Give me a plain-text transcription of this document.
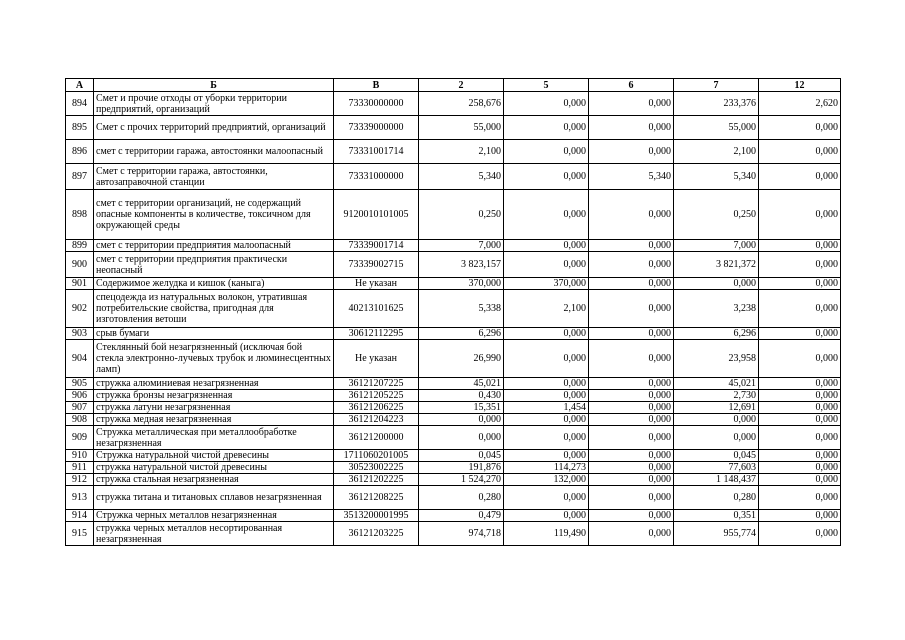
А	Б	В	2	5	6	7	12
894	Смет и прочие отходы от уборки территории предприятий, организаций	73330000000	258,676	0,000	0,000	233,376	2,620
895	Смет с прочих территорий предприятий, организаций	73339000000	55,000	0,000	0,000	55,000	0,000
896	смет с территории гаража, автостоянки малоопасный	73331001714	2,100	0,000	0,000	2,100	0,000
897	Смет с территории гаража, автостоянки, автозаправочной станции	73331000000	5,340	0,000	5,340	5,340	0,000
898	смет с территории организаций, не содержащий опасные компоненты в количестве, токсичном для окружающей среды	9120010101005	0,250	0,000	0,000	0,250	0,000
899	смет с территории предприятия малоопасный	73339001714	7,000	0,000	0,000	7,000	0,000
900	смет с территории предприятия практически неопасный	73339002715	3 823,157	0,000	0,000	3 821,372	0,000
901	Содержимое желудка и кишок (каныга)	Не указан	370,000	370,000	0,000	0,000	0,000
902	спецодежда из натуральных волокон, утратившая потребительские свойства, пригодная для изготовления ветоши	40213101625	5,338	2,100	0,000	3,238	0,000
903	срыв бумаги	30612112295	6,296	0,000	0,000	6,296	0,000
904	Стеклянный бой незагрязненный (исключая бой стекла электронно-лучевых трубок и люминесцентных ламп)	Не указан	26,990	0,000	0,000	23,958	0,000
905	стружка алюминиевая незагрязненная	36121207225	45,021	0,000	0,000	45,021	0,000
906	стружка бронзы незагрязненная	36121205225	0,430	0,000	0,000	2,730	0,000
907	стружка латуни незагрязненная	36121206225	15,351	1,454	0,000	12,691	0,000
908	стружка медная незагрязненная	36121204223	0,000	0,000	0,000	0,000	0,000
909	Стружка металлическая при металлообработке незагрязненная	36121200000	0,000	0,000	0,000	0,000	0,000
910	Стружка натуральной чистой древесины	1711060201005	0,045	0,000	0,000	0,045	0,000
911	стружка натуральной чистой древесины	30523002225	191,876	114,273	0,000	77,603	0,000
912	стружка стальная незагрязненная	36121202225	1 524,270	132,000	0,000	1 148,437	0,000
913	стружка титана и титановых сплавов незагрязненная	36121208225	0,280	0,000	0,000	0,280	0,000
914	Стружка черных металлов незагрязненная	3513200001995	0,479	0,000	0,000	0,351	0,000
915	стружка черных металлов несортированная незагрязненная	36121203225	974,718	119,490	0,000	955,774	0,000
